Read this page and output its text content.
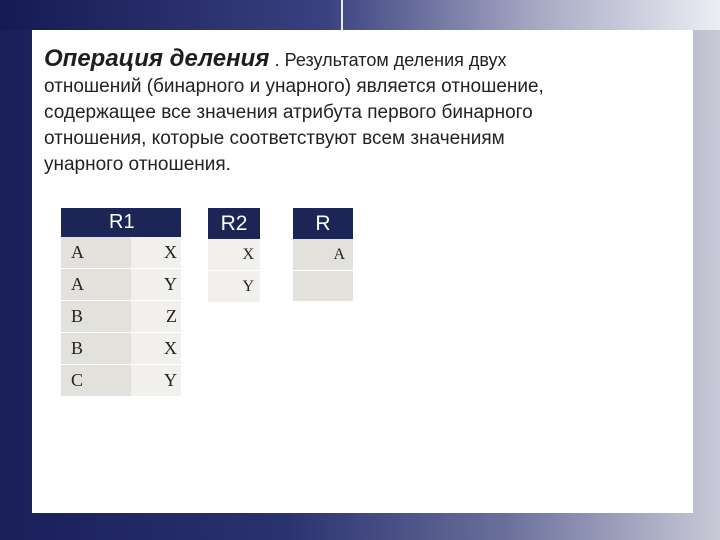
Операция деления . Результатом деления двух

отношений (бинарного и унарного) является отношение,

содержащее все значения атрибута первого бинарного

отношения, которые соответствуют всем значениям

унарного отношения.

R1	
A	X
A	Y
B	Z
B	X
C	Y
R2
X
Y
R
A
